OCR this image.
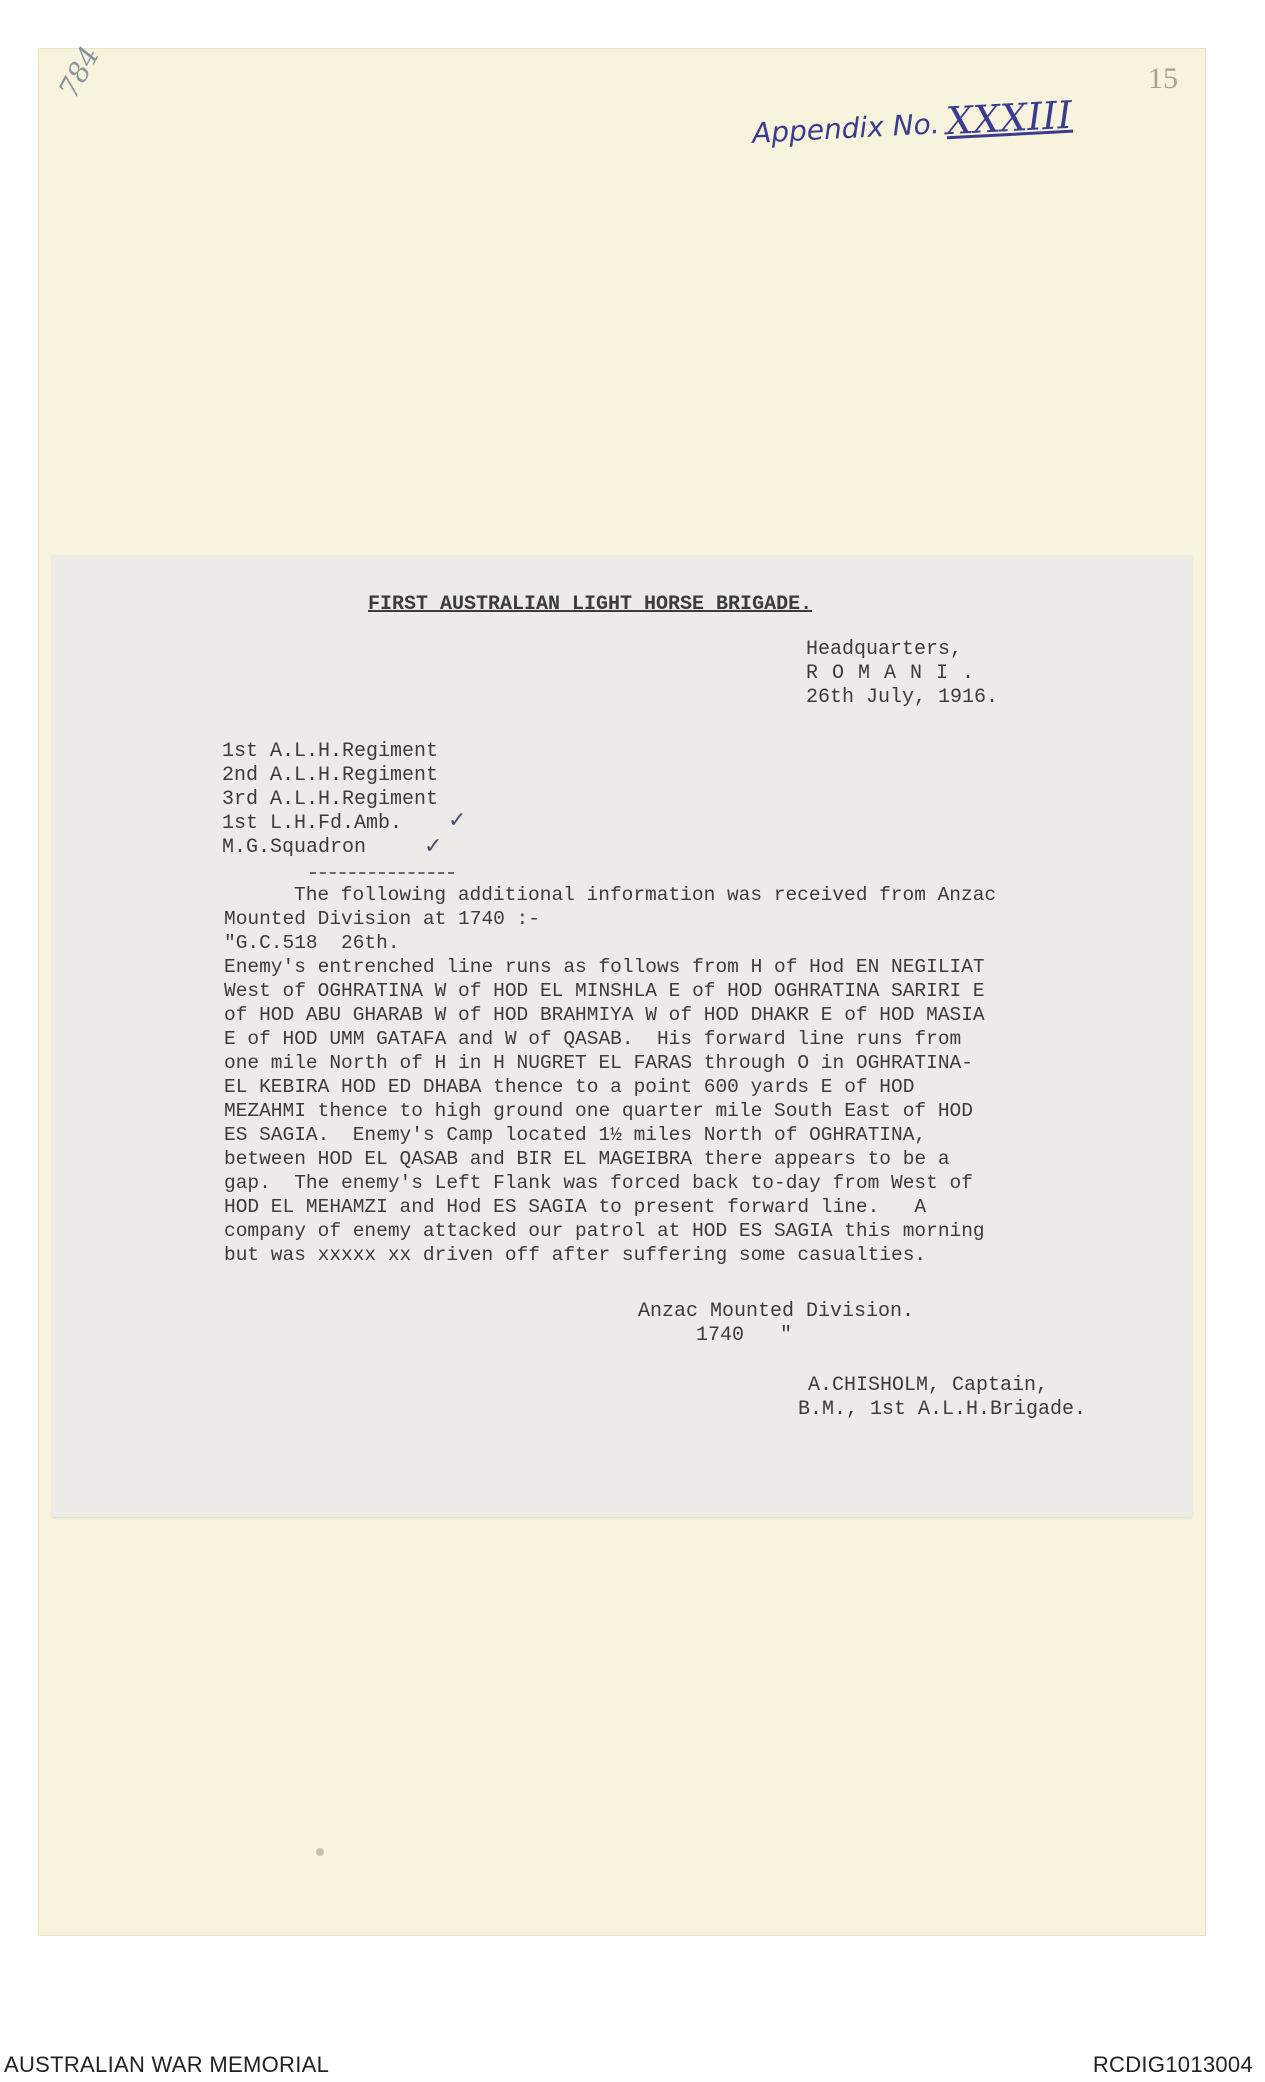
784	15
Appendix No. XXXIII
FIRST AUSTRALIAN LIGHT HORSE BRIGADE.
Headquarters,
R O M A N I .
26th July, 1916.
1st A.L.H.Regiment
2nd A.L.H.Regiment
3rd A.L.H.Regiment
1st L.H.Fd.Amb.
M.G.Squadron
✓
✓
The following additional information was received from Anzac
Mounted Division at 1740 :-
"G.C.518  26th.
Enemy's entrenched line runs as follows from H of Hod EN NEGILIAT
West of OGHRATINA W of HOD EL MINSHLA E of HOD OGHRATINA SARIRI E
of HOD ABU GHARAB W of HOD BRAHMIYA W of HOD DHAKR E of HOD MASIA
E of HOD UMM GATAFA and W of QASAB.  His forward line runs from
one mile North of H in H NUGRET EL FARAS through O in OGHRATINA-
EL KEBIRA HOD ED DHABA thence to a point 600 yards E of HOD
MEZAHMI thence to high ground one quarter mile South East of HOD
ES SAGIA.  Enemy's Camp located 1½ miles North of OGHRATINA,
between HOD EL QASAB and BIR EL MAGEIBRA there appears to be a
gap.  The enemy's Left Flank was forced back to-day from West of
HOD EL MEHAMZI and Hod ES SAGIA to present forward line.   A
company of enemy attacked our patrol at HOD ES SAGIA this morning
but was xxxxx xx driven off after suffering some casualties.
Anzac Mounted Division.
1740   "
A.CHISHOLM, Captain,
B.M., 1st A.L.H.Brigade.
AUSTRALIAN WAR MEMORIAL	RCDIG1013004
